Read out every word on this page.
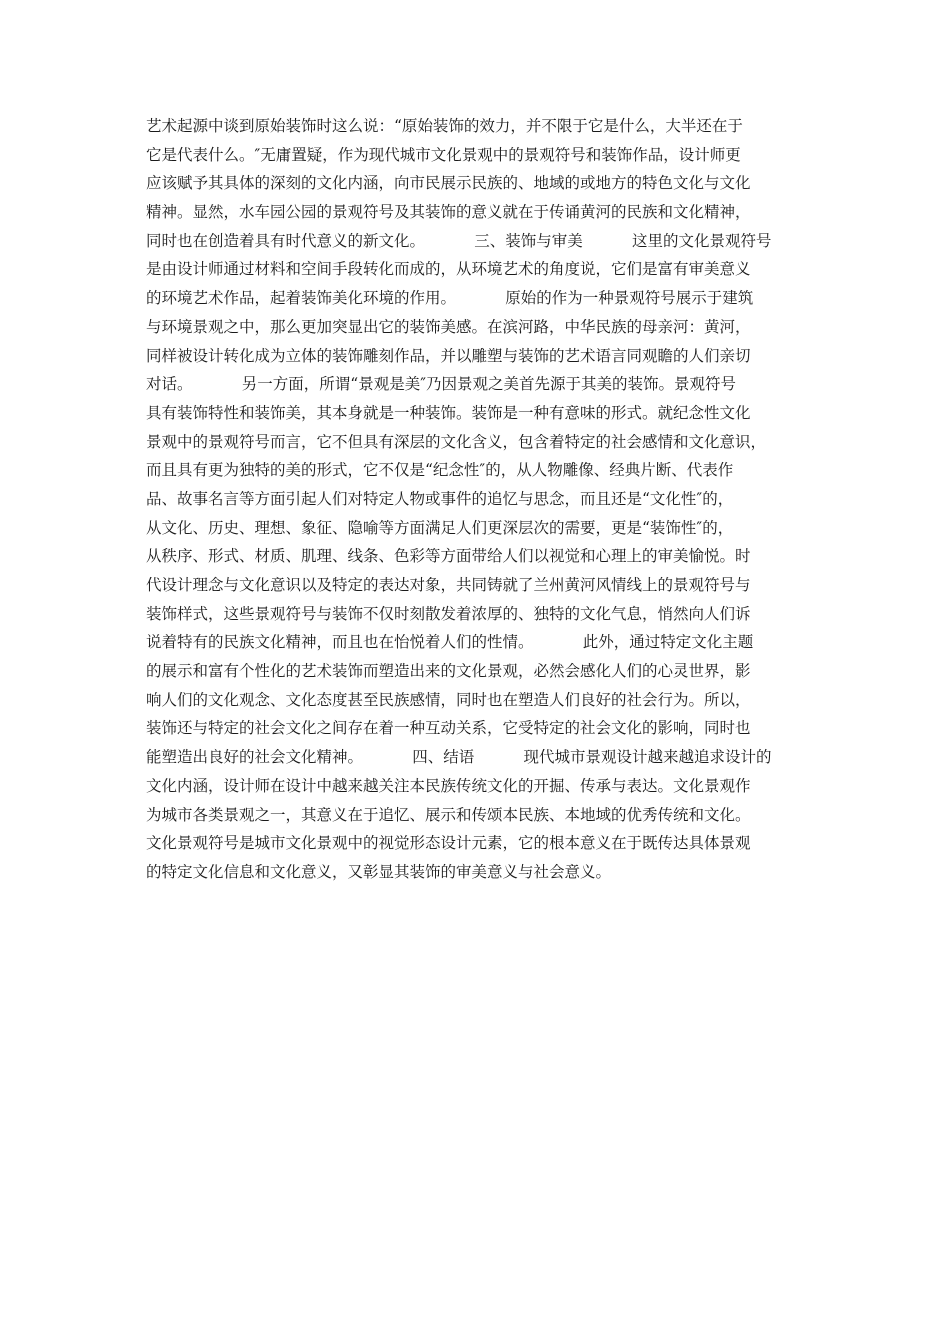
艺术起源中谈到原始装饰时这么说：“原始装饰的效力，并不限于它是什么，大半还在于
它是代表什么。″无庸置疑，作为现代城市文化景观中的景观符号和装饰作品，设计师更
应该赋予其具体的深刻的文化内涵，向市民展示民族的、地域的或地方的特色文化与文化
精神。显然，水车园公园的景观符号及其装饰的意义就在于传诵黄河的民族和文化精神，
同时也在创造着具有时代意义的新文化。          三、装饰与审美          这里的文化景观符号
是由设计师通过材料和空间手段转化而成的，从环境艺术的角度说，它们是富有审美意义
的环境艺术作品，起着装饰美化环境的作用。          原始的作为一种景观符号展示于建筑
与环境景观之中，那么更加突显出它的装饰美感。在滨河路，中华民族的母亲河：黄河，
同样被设计转化成为立体的装饰雕刻作品，并以雕塑与装饰的艺术语言同观瞻的人们亲切
对话。          另一方面，所谓“景观是美″乃因景观之美首先源于其美的装饰。景观符号
具有装饰特性和装饰美，其本身就是一种装饰。装饰是一种有意味的形式。就纪念性文化
景观中的景观符号而言，它不但具有深层的文化含义，包含着特定的社会感情和文化意识，
而且具有更为独特的美的形式，它不仅是“纪念性″的，从人物雕像、经典片断、代表作
品、故事名言等方面引起人们对特定人物或事件的追忆与思念，而且还是“文化性″的，
从文化、历史、理想、象征、隐喻等方面满足人们更深层次的需要，更是“装饰性″的，
从秩序、形式、材质、肌理、线条、色彩等方面带给人们以视觉和心理上的审美愉悦。时
代设计理念与文化意识以及特定的表达对象，共同铸就了兰州黄河风情线上的景观符号与
装饰样式，这些景观符号与装饰不仅时刻散发着浓厚的、独特的文化气息，悄然向人们诉
说着特有的民族文化精神，而且也在怡悦着人们的性情。          此外，通过特定文化主题
的展示和富有个性化的艺术装饰而塑造出来的文化景观，必然会感化人们的心灵世界，影
响人们的文化观念、文化态度甚至民族感情，同时也在塑造人们良好的社会行为。所以，
装饰还与特定的社会文化之间存在着一种互动关系，它受特定的社会文化的影响，同时也
能塑造出良好的社会文化精神。          四、结语          现代城市景观设计越来越追求设计的
文化内涵，设计师在设计中越来越关注本民族传统文化的开掘、传承与表达。文化景观作
为城市各类景观之一，其意义在于追忆、展示和传颂本民族、本地域的优秀传统和文化。
文化景观符号是城市文化景观中的视觉形态设计元素，它的根本意义在于既传达具体景观
的特定文化信息和文化意义，又彰显其装饰的审美意义与社会意义。
